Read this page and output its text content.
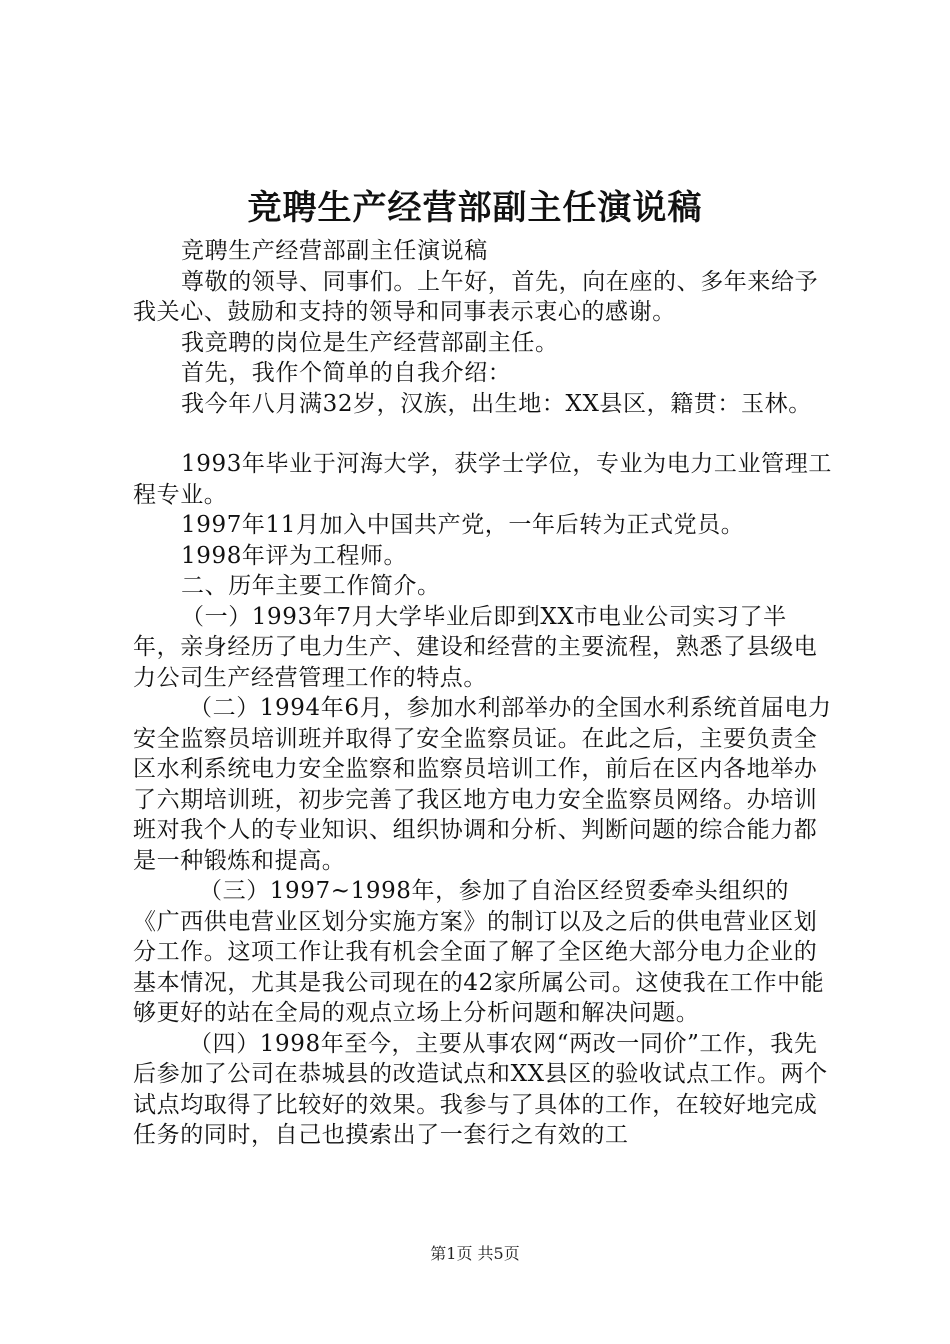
竞聘生产经营部副主任演说稿

竞聘生产经营部副主任演说稿

尊敬的领导、同事们。上午好，首先，向在座的、多年来给予我关心、鼓励和支持的领导和同事表示衷心的感谢。

我竞聘的岗位是生产经营部副主任。

首先，我作个简单的自我介绍：

我今年八月满32岁，汉族，出生地：XX县区，籍贯：玉林。

1993年毕业于河海大学，获学士学位，专业为电力工业管理工程专业。

1997年11月加入中国共产党，一年后转为正式党员。

1998年评为工程师。

二、历年主要工作简介。

（一）1993年7月大学毕业后即到XX市电业公司实习了半年，亲身经历了电力生产、建设和经营的主要流程，熟悉了县级电力公司生产经营管理工作的特点。

（二）1994年6月，参加水利部举办的全国水利系统首届电力安全监察员培训班并取得了安全监察员证。在此之后，主要负责全区水利系统电力安全监察和监察员培训工作，前后在区内各地举办了六期培训班，初步完善了我区地方电力安全监察员网络。办培训班对我个人的专业知识、组织协调和分析、判断问题的综合能力都是一种锻炼和提高。

（三）1997~1998年，参加了自治区经贸委牵头组织的《广西供电营业区划分实施方案》的制订以及之后的供电营业区划分工作。这项工作让我有机会全面了解了全区绝大部分电力企业的基本情况，尤其是我公司现在的42家所属公司。这使我在工作中能够更好的站在全局的观点立场上分析问题和解决问题。

（四）1998年至今，主要从事农网“两改一同价”工作，我先后参加了公司在恭城县的改造试点和XX县区的验收试点工作。两个试点均取得了比较好的效果。我参与了具体的工作，在较好地完成任务的同时，自己也摸索出了一套行之有效的工

第1页 共5页
